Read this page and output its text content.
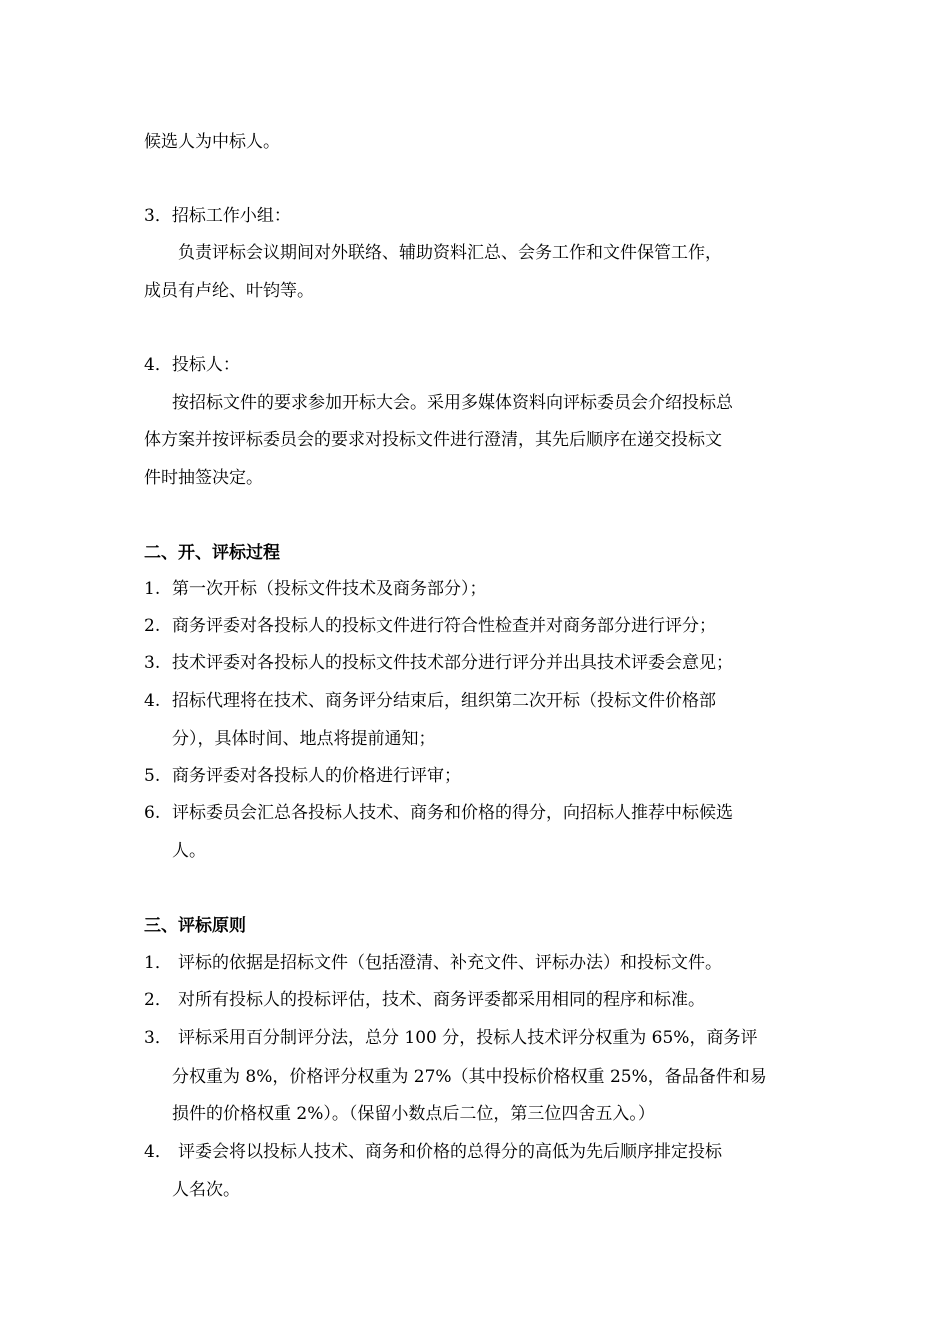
候选人为中标人。
3．招标工作小组：
负责评标会议期间对外联络、辅助资料汇总、会务工作和文件保管工作，
成员有卢纶、叶钧等。
4．投标人：
按招标文件的要求参加开标大会。采用多媒体资料向评标委员会介绍投标总
体方案并按评标委员会的要求对投标文件进行澄清，其先后顺序在递交投标文
件时抽签决定。
二、开、评标过程
1. 第一次开标（投标文件技术及商务部分）；
2. 商务评委对各投标人的投标文件进行符合性检查并对商务部分进行评分；
3. 技术评委对各投标人的投标文件技术部分进行评分并出具技术评委会意见；
4. 招标代理将在技术、商务评分结束后，组织第二次开标（投标文件价格部
分），具体时间、地点将提前通知；
5. 商务评委对各投标人的价格进行评审；
6. 评标委员会汇总各投标人技术、商务和价格的得分，向招标人推荐中标候选
人。
三、评标原则
1． 评标的依据是招标文件（包括澄清、补充文件、评标办法）和投标文件。
2． 对所有投标人的投标评估，技术、商务评委都采用相同的程序和标准。
3． 评标采用百分制评分法，总分 100 分，投标人技术评分权重为 65%，商务评
分权重为 8%，价格评分权重为 27%（其中投标价格权重 25%，备品备件和易
损件的价格权重 2%）。（保留小数点后二位，第三位四舍五入。）
4． 评委会将以投标人技术、商务和价格的总得分的高低为先后顺序排定投标
人名次。
